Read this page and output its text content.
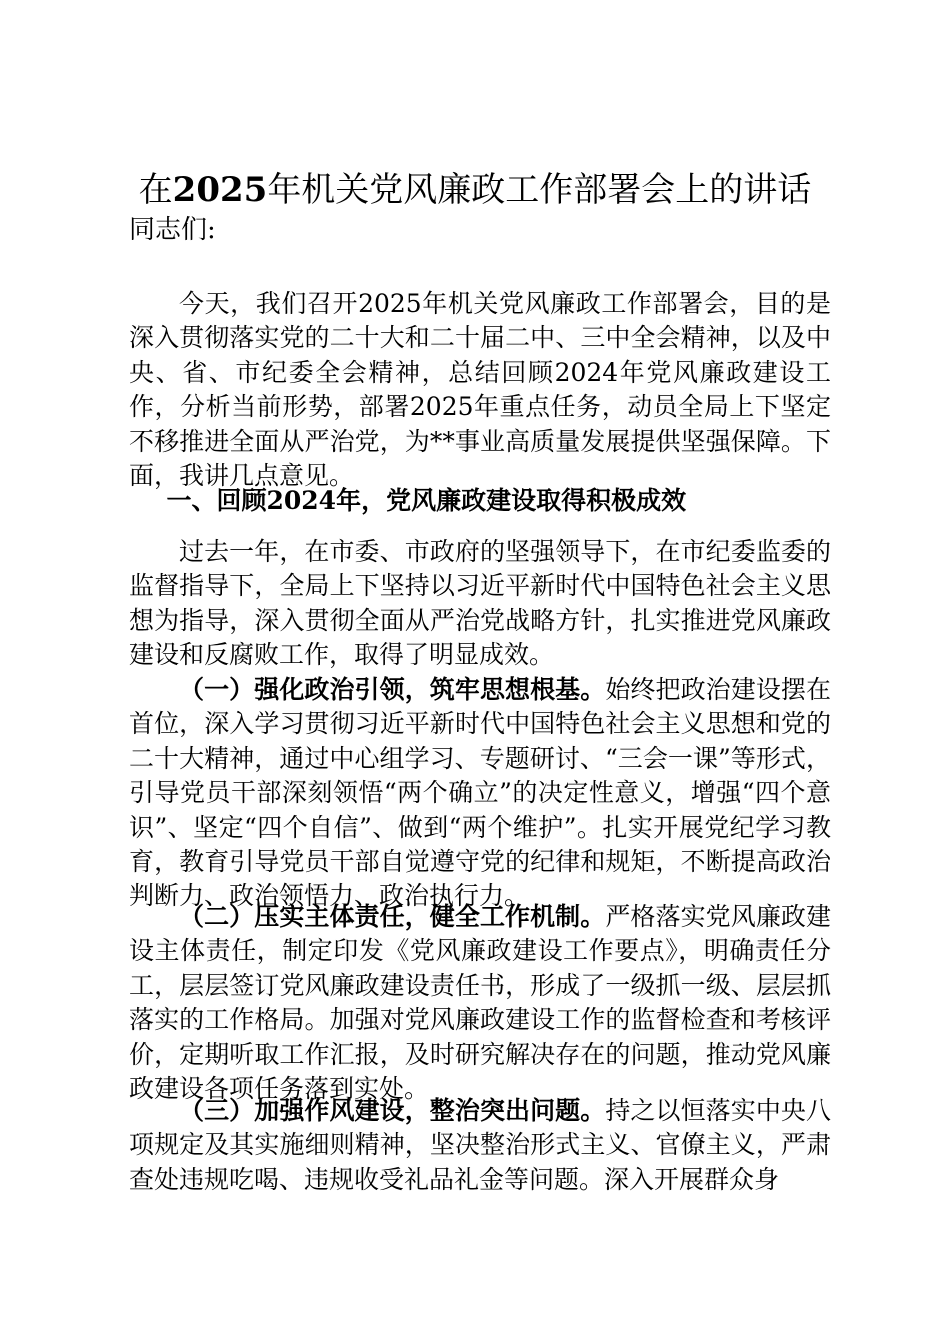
在2025年机关党风廉政工作部署会上的讲话
同志们:

今天，我们召开2025年机关党风廉政工作部署会，目的是深入贯彻落实党的二十大和二十届二中、三中全会精神，以及中央、省、市纪委全会精神，总结回顾2024年党风廉政建设工作，分析当前形势，部署2025年重点任务，动员全局上下坚定不移推进全面从严治党，为**事业高质量发展提供坚强保障。下面，我讲几点意见。

一、回顾2024年，党风廉政建设取得积极成效

过去一年，在市委、市政府的坚强领导下，在市纪委监委的监督指导下，全局上下坚持以习近平新时代中国特色社会主义思想为指导，深入贯彻全面从严治党战略方针，扎实推进党风廉政建设和反腐败工作，取得了明显成效。

（一）强化政治引领，筑牢思想根基。始终把政治建设摆在首位，深入学习贯彻习近平新时代中国特色社会主义思想和党的二十大精神，通过中心组学习、专题研讨、“三会一课”等形式，引导党员干部深刻领悟“两个确立”的决定性意义，增强“四个意识”、坚定“四个自信”、做到“两个维护”。扎实开展党纪学习教育，教育引导党员干部自觉遵守党的纪律和规矩，不断提高政治判断力、政治领悟力、政治执行力。

（二）压实主体责任，健全工作机制。严格落实党风廉政建设主体责任，制定印发《党风廉政建设工作要点》，明确责任分工，层层签订党风廉政建设责任书，形成了一级抓一级、层层抓落实的工作格局。加强对党风廉政建设工作的监督检查和考核评价，定期听取工作汇报，及时研究解决存在的问题，推动党风廉政建设各项任务落到实处。

（三）加强作风建设，整治突出问题。持之以恒落实中央八项规定及其实施细则精神，坚决整治形式主义、官僚主义，严肃查处违规吃喝、违规收受礼品礼金等问题。深入开展群众身
